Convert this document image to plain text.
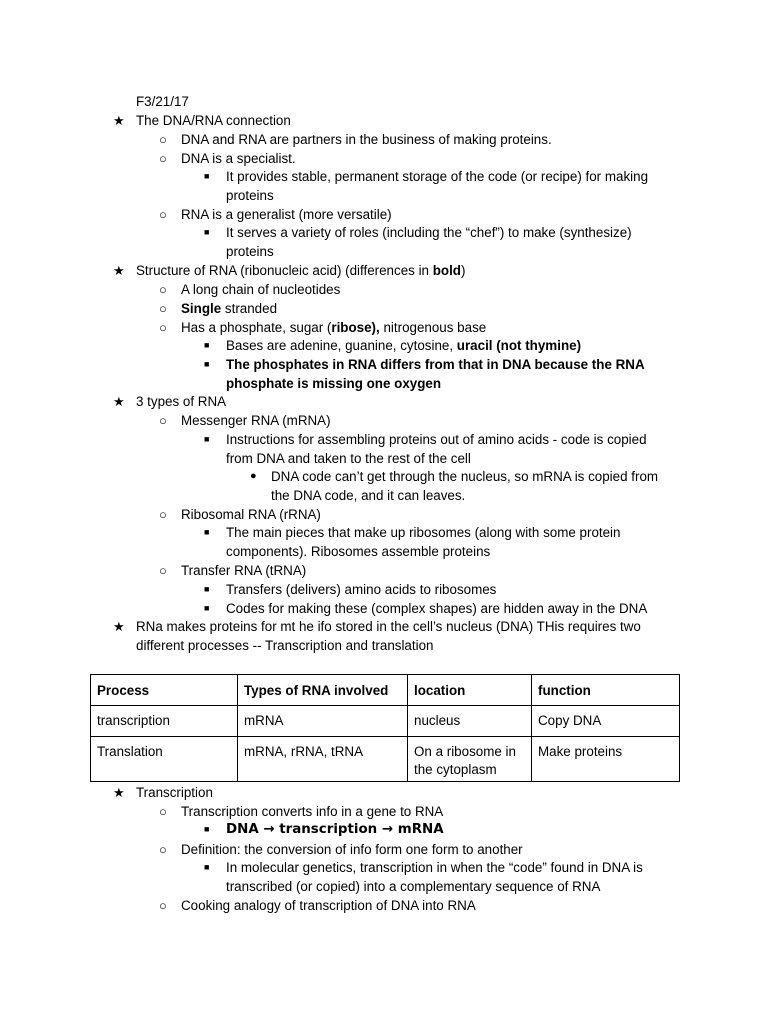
F3/21/17
★ The DNA/RNA connection
○ DNA and RNA are partners in the business of making proteins.
○ DNA is a specialist.
■ It provides stable, permanent storage of the code (or recipe) for making
proteins
○ RNA is a generalist (more versatile)
■ It serves a variety of roles (including the “chef”) to make (synthesize)
proteins
★ Structure of RNA (ribonucleic acid) (differences in bold)
○ A long chain of nucleotides
○ Single stranded
○ Has a phosphate, sugar (ribose), nitrogenous base
■ Bases are adenine, guanine, cytosine, uracil (not thymine)
■ The phosphates in RNA differs from that in DNA because the RNA
phosphate is missing one oxygen
★ 3 types of RNA
○ Messenger RNA (mRNA)
■ Instructions for assembling proteins out of amino acids - code is copied
from DNA and taken to the rest of the cell
● DNA code can’t get through the nucleus, so mRNA is copied from
the DNA code, and it can leaves.
○ Ribosomal RNA (rRNA)
■ The main pieces that make up ribosomes (along with some protein
components). Ribosomes assemble proteins
○ Transfer RNA (tRNA)
■ Transfers (delivers) amino acids to ribosomes
■ Codes for making these (complex shapes) are hidden away in the DNA
★ RNa makes proteins for mt he ifo stored in the cell’s nucleus (DNA) THis requires two
different processes -- Transcription and translation
Process	Types of RNA involved	location	function
transcription	mRNA	nucleus	Copy DNA
Translation	mRNA, rRNA, tRNA	On a ribosome in the cytoplasm	Make proteins
★ Transcription
○ Transcription converts info in a gene to RNA
■ DNA → transcription → mRNA
○ Definition: the conversion of info form one form to another
■ In molecular genetics, transcription in when the “code” found in DNA is
transcribed (or copied) into a complementary sequence of RNA
○ Cooking analogy of transcription of DNA into RNA
